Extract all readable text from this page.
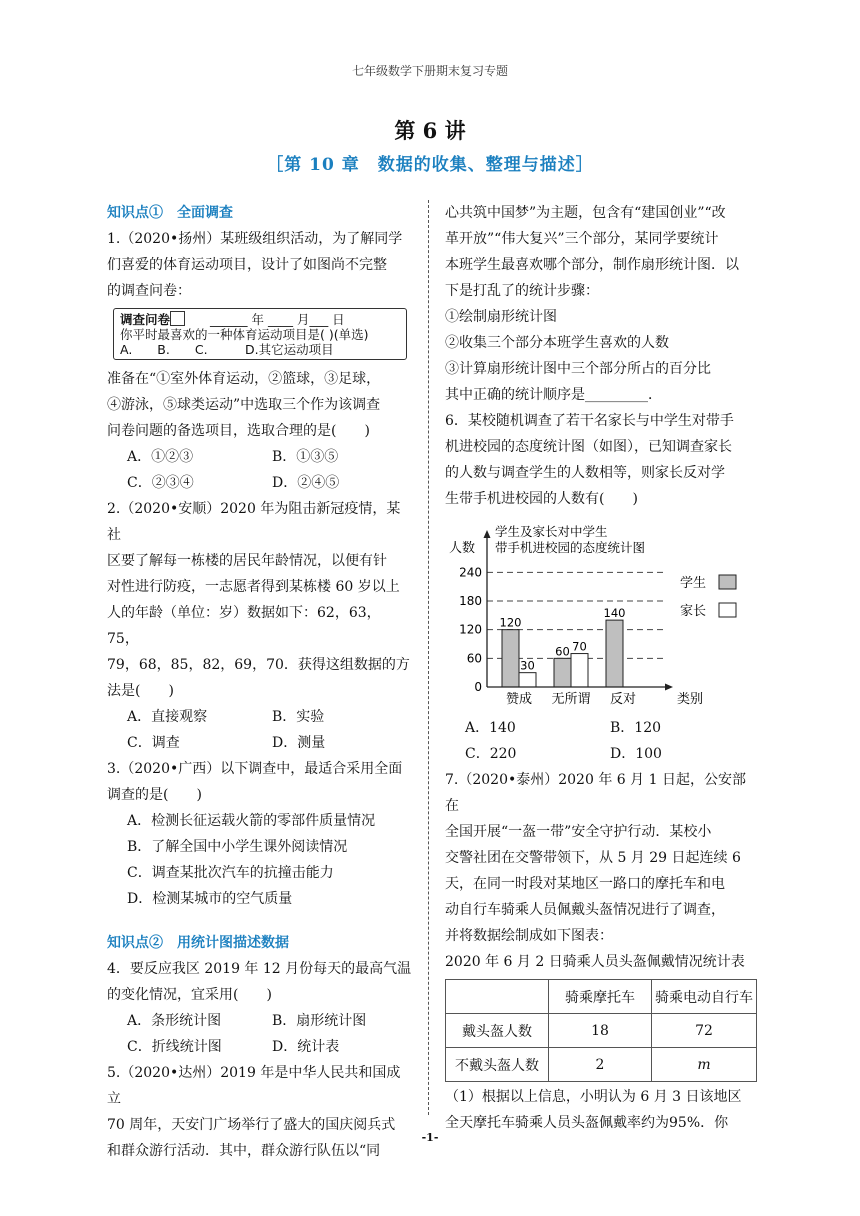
七年级数学下册期末复习专题
第 6 讲
［第 10 章　数据的收集、整理与描述］
知识点①　全面调查

1.（2020•扬州）某班级组织活动，为了解同学

们喜爱的体育运动项目，设计了如图尚不完整

的调查问卷：

调查问卷　　	______ 年 ____ 月___ 日
你平时最喜欢的一种体育运动项目是( )(单选)
A.　　B.　　C.　　　D.其它运动项目

准备在“①室外体育运动，②篮球，③足球，

④游泳，⑤球类运动”中选取三个作为该调查

问卷问题的备选项目，选取合理的是(　　)

A．①②③	B．①③⑤
C．②③④	D．②④⑤

2.（2020•安顺）2020 年为阻击新冠疫情，某社

区要了解每一栋楼的居民年龄情况，以便有针

对性进行防疫，一志愿者得到某栋楼 60 岁以上

人的年龄（单位：岁）数据如下：62，63，75，

79，68，85，82，69，70．获得这组数据的方

法是(　　)

A．直接观察	B．实验
C．调查	D．测量

3.（2020•广西）以下调查中，最适合采用全面

调查的是(　　)

A．检测长征运载火箭的零部件质量情况
B．了解全国中小学生课外阅读情况
C．调查某批次汽车的抗撞击能力
D．检测某城市的空气质量
知识点②　用统计图描述数据

4．要反应我区 2019 年 12 月份每天的最高气温

的变化情况，宜采用(　　)

A．条形统计图	B．扇形统计图
C．折线统计图	D．统计表

5.（2020•达州）2019 年是中华人民共和国成立

70 周年，天安门广场举行了盛大的国庆阅兵式

和群众游行活动．其中，群众游行队伍以“同

心共筑中国梦”为主题，包含有“建国创业”“改

革开放”“伟大复兴”三个部分，某同学要统计

本班学生最喜欢哪个部分，制作扇形统计图．以

下是打乱了的统计步骤：

①绘制扇形统计图

②收集三个部分本班学生喜欢的人数

③计算扇形统计图中三个部分所占的百分比

其中正确的统计顺序是_________．

6．某校随机调查了若干名家长与中学生对带手

机进校园的态度统计图（如图），已知调查家长

的人数与调查学生的人数相等，则家长反对学

生带手机进校园的人数有(　　)

120
30
60 70
140
人数
类别
学生及家长对中学生
带手机进校园的态度统计图
0
60
120
180
240
赞成 无所谓 反对
学生
家长
A．140	B．120
C．220	D．100

7.（2020•泰州）2020 年 6 月 1 日起，公安部在

全国开展“一盔一带”安全守护行动．某校小

交警社团在交警带领下，从 5 月 29 日起连续 6

天，在同一时段对某地区一路口的摩托车和电

动自行车骑乘人员佩戴头盔情况进行了调查，

并将数据绘制成如下图表：

2020 年 6 月 2 日骑乘人员头盔佩戴情况统计表

	骑乘摩托车	骑乘电动自行车
戴头盔人数	18	72
不戴头盔人数	2	m

（1）根据以上信息，小明认为 6 月 3 日该地区

全天摩托车骑乘人员头盔佩戴率约为95%．你

-1-
